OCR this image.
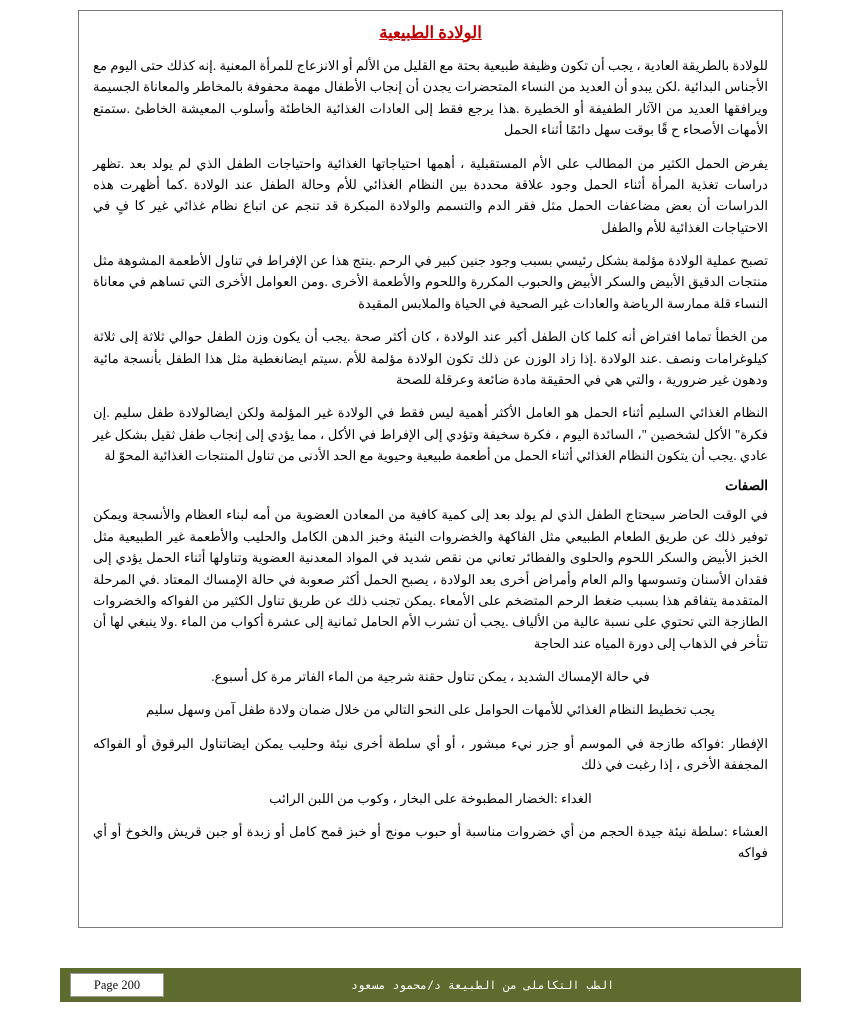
الولادة الطبيعية

للولادة بالطريقة العادية ، يجب أن تكون وظيفة طبيعية بحتة مع القليل من الألم أو الانزعاج للمرأة المعنية .إنه كذلك حتى اليوم مع الأجناس البدائية .لكن يبدو أن العديد من النساء المتحضرات يجدن أن إنجاب الأطفال مهمة محفوفة بالمخاطر والمعاناة الجسيمة ويرافقها العديد من الآثار الطفيفة أو الخطيرة .هذا يرجع فقط إلى العادات الغذائية الخاطئة وأسلوب المعيشة الخاطئ .ستمتع الأمهات الأصحاء ح قًا بوقت سهل دائمًا أثناء الحمل

يفرض الحمل الكثير من المطالب على الأم المستقبلية ، أهمها احتياجاتها الغذائية واحتياجات الطفل الذي لم يولد بعد .تظهر دراسات تغذية المرأة أثناء الحمل وجود علاقة محددة بين النظام الغذائي للأم وحالة الطفل عند الولادة .كما أظهرت هذه الدراسات أن بعض مضاعفات الحمل مثل فقر الدم والتسمم والولادة المبكرة قد تنجم عن اتباع نظام غذائي غير كا فٍ في الاحتياجات الغذائية للأم والطفل

تصبح عملية الولادة مؤلمة بشكل رئيسي بسبب وجود جنين كبير في الرحم .ينتج هذا عن الإفراط في تناول الأطعمة المشوهة مثل منتجات الدقيق الأبيض والسكر الأبيض والحبوب المكررة واللحوم والأطعمة الأخرى .ومن العوامل الأخرى التي تساهم في معاناة النساء قلة ممارسة الرياضة والعادات غير الصحية في الحياة والملابس المقيدة

من الخطأ تماما افتراض أنه كلما كان الطفل أكبر عند الولادة ، كان أكثر صحة .يجب أن يكون وزن الطفل حوالي ثلاثة إلى ثلاثة كيلوغرامات ونصف .عند الولادة .إذا زاد الوزن عن ذلك تكون الولادة مؤلمة للأم .سيتم ايضانغطية مثل هذا الطفل بأنسجة مائية ودهون غير ضرورية ، والتي هي في الحقيقة مادة ضائعة وعرقلة للصحة

النظام الغذائي السليم أثناء الحمل هو العامل الأكثر أهمية ليس فقط في الولادة غير المؤلمة ولكن ايضالولادة طفل سليم .إن فكرة" الأكل لشخصين "، السائدة اليوم ، فكرة سخيفة وتؤدي إلى الإفراط في الأكل ، مما يؤدي إلى إنجاب طفل ثقيل بشكل غير عادي .يجب أن يتكون النظام الغذائي أثناء الحمل من أطعمة طبيعية وحيوية مع الحد الأدنى من تناول المنتجات الغذائية المحوّ لة

الصفات

في الوقت الحاضر سيحتاج الطفل الذي لم يولد بعد إلى كمية كافية من المعادن العضوية من أمه لبناء العظام والأنسجة ويمكن توفير ذلك عن طريق الطعام الطبيعي مثل الفاكهة والخضروات النيئة وخبز الدهن الكامل والحليب والأطعمة غير الطبيعية مثل الخبز الأبيض والسكر اللحوم والحلوى والفطائر تعاني من نقص شديد في المواد المعدنية العضوية وتناولها أثناء الحمل يؤدي إلى فقدان الأسنان وتسوسها والم العام وأمراض أخرى بعد الولادة ، يصبح الحمل أكثر صعوبة في حالة الإمساك المعتاد .في المرحلة المتقدمة يتفاقم هذا بسبب ضغط الرحم المتضخم على الأمعاء .يمكن تجنب ذلك عن طريق تناول الكثير من الفواكه والخضروات الطازجة التي تحتوي على نسبة عالية من الألياف .يجب أن تشرب الأم الحامل ثمانية إلى عشرة أكواب من الماء .ولا ينبغي لها أن تتأخر في الذهاب إلى دورة المياه عند الحاجة

في حالة الإمساك الشديد ، يمكن تناول حقنة شرجية من الماء الفاتر مرة كل أسبوع.

يجب تخطيط النظام الغذائي للأمهات الحوامل على النحو التالي من خلال ضمان ولادة طفل آمن وسهل سليم

الإفطار :فواكه طازجة في الموسم أو جزر نيء مبشور ، أو أي سلطة أخرى نيئة وحليب يمكن ايضاتناول البرقوق أو الفواكه المجففة الأخرى ، إذا رغبت في ذلك

الغداء :الخضار المطبوخة على البخار ، وكوب من اللبن الرائب

العشاء :سلطة نيئة جيدة الحجم من أي خضروات مناسبة أو حبوب مونج أو خبز قمح كامل أو زبدة أو جبن قريش والخوخ أو أي فواكه

الطب التكاملى من الطبيعة د/محمود مسعود
Page 200
